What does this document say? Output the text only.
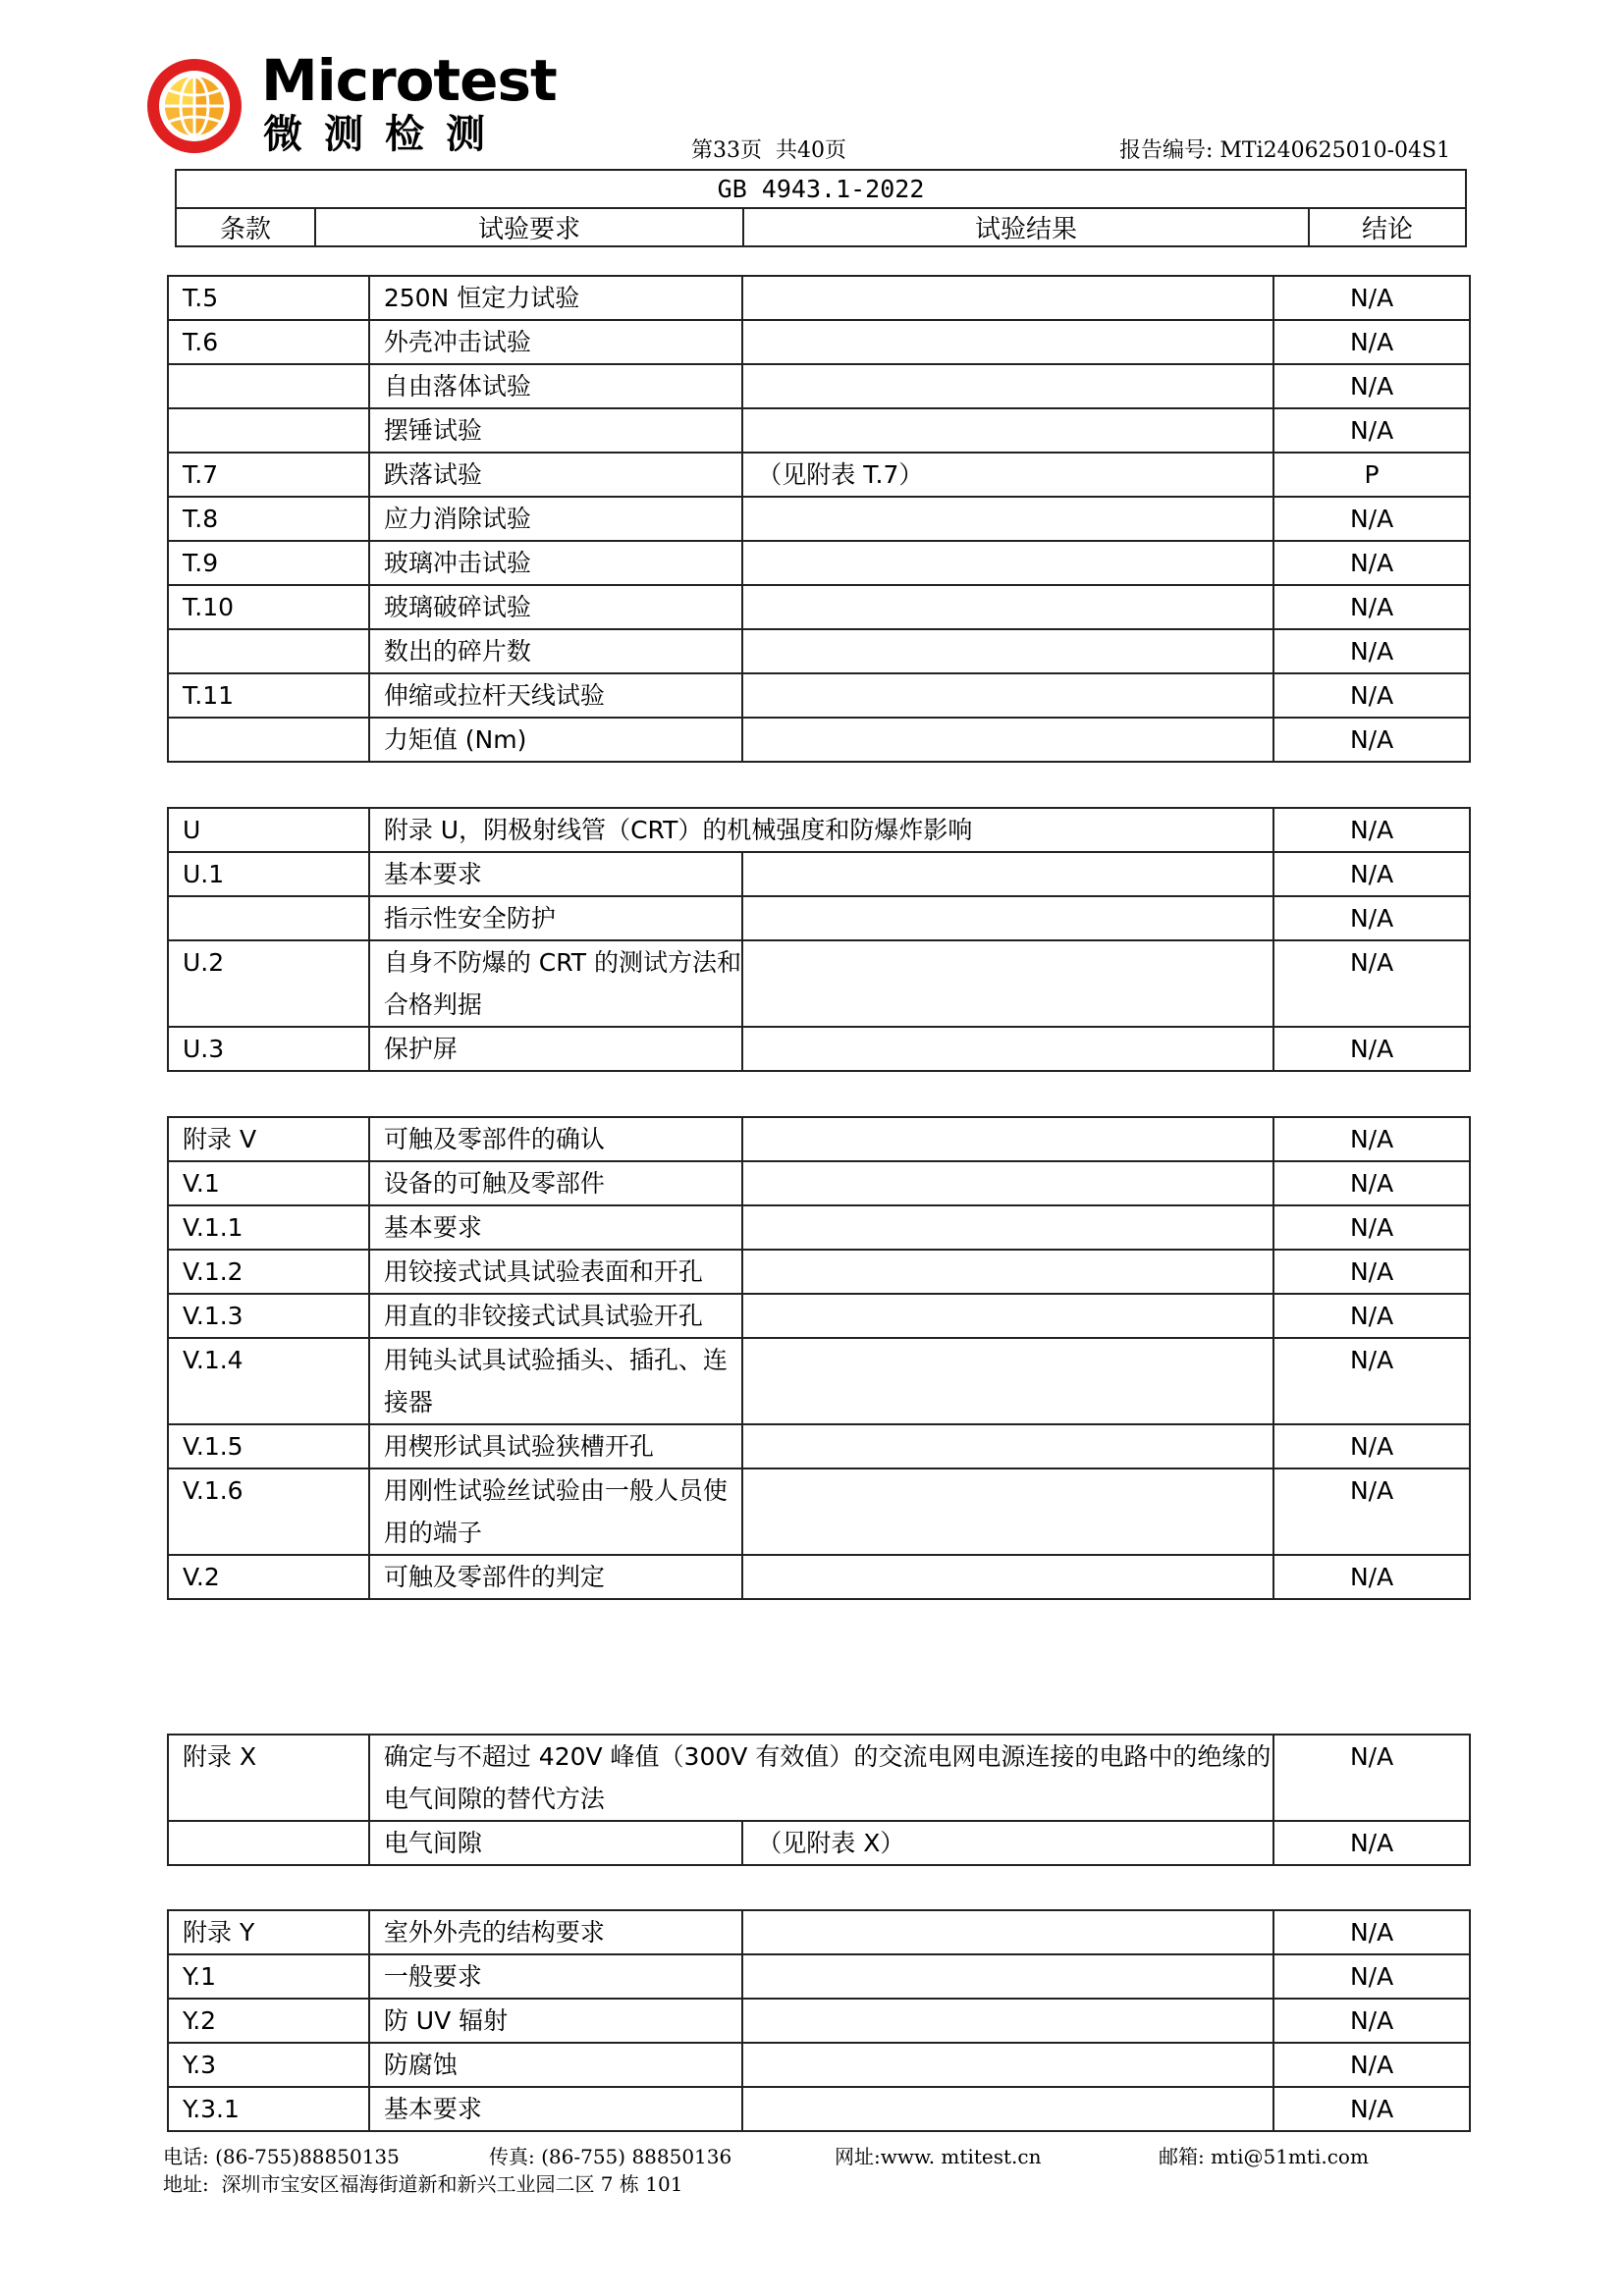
Microtest
微测检测	第33页  共40页	报告编号: MTi240625010-04S1
GB 4943.1-2022
条款	试验要求	试验结果	结论
T.5	250N 恒定力试验		N/A
T.6	外壳冲击试验		N/A
	自由落体试验		N/A
	摆锤试验		N/A
T.7	跌落试验	（见附表 T.7）	P
T.8	应力消除试验		N/A
T.9	玻璃冲击试验		N/A
T.10	玻璃破碎试验		N/A
	数出的碎片数		N/A
T.11	伸缩或拉杆天线试验		N/A
	力矩值 (Nm)		N/A
U	附录 U，阴极射线管（CRT）的机械强度和防爆炸影响		N/A
U.1	基本要求		N/A
	指示性安全防护		N/A
U.2	自身不防爆的 CRT 的测试方法和合格判据		N/A
U.3	保护屏		N/A
附录 V	可触及零部件的确认		N/A
V.1	设备的可触及零部件		N/A
V.1.1	基本要求		N/A
V.1.2	用铰接式试具试验表面和开孔		N/A
V.1.3	用直的非铰接式试具试验开孔		N/A
V.1.4	用钝头试具试验插头、插孔、连接器		N/A
V.1.5	用楔形试具试验狭槽开孔		N/A
V.1.6	用刚性试验丝试验由一般人员使用的端子		N/A
V.2	可触及零部件的判定		N/A
附录 X	确定与不超过 420V 峰值（300V 有效值）的交流电网电源连接的电路中的绝缘的电气间隙的替代方法		N/A
	电气间隙	（见附表 X）	N/A
附录 Y	室外外壳的结构要求		N/A
Y.1	一般要求		N/A
Y.2	防 UV 辐射		N/A
Y.3	防腐蚀		N/A
Y.3.1	基本要求		N/A
电话: (86-755)88850135	传真: (86-755) 88850136	网址:www. mtitest.cn	邮箱: mti@51mti.com
地址:  深圳市宝安区福海街道新和新兴工业园二区 7 栋 101
